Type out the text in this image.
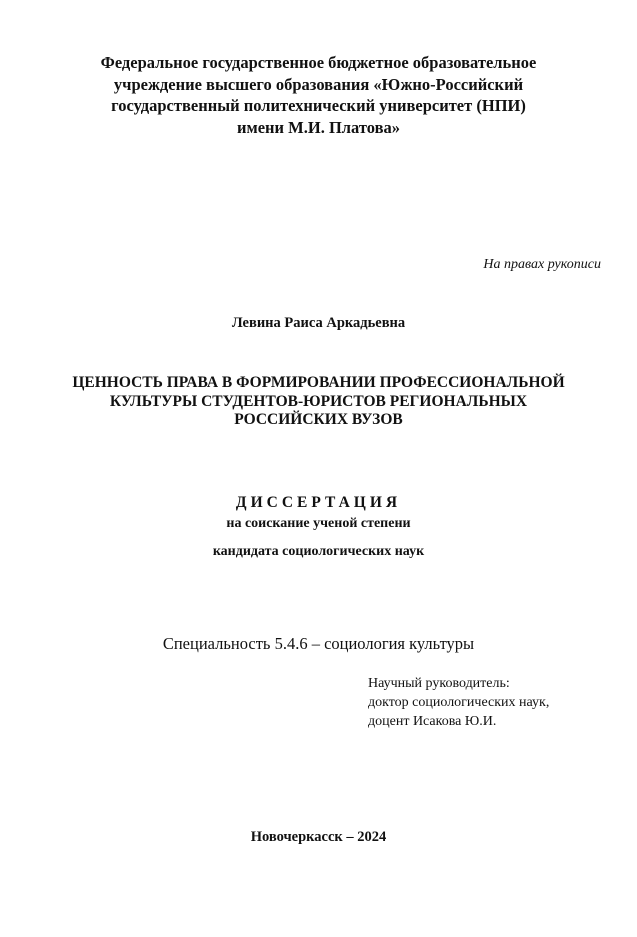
Федеральное государственное бюджетное образовательное
учреждение высшего образования «Южно-Российский
государственный политехнический университет (НПИ)
имени М.И. Платова»
На правах рукописи
Левина Раиса Аркадьевна
ЦЕННОСТЬ ПРАВА В ФОРМИРОВАНИИ ПРОФЕССИОНАЛЬНОЙ
КУЛЬТУРЫ СТУДЕНТОВ-ЮРИСТОВ РЕГИОНАЛЬНЫХ
РОССИЙСКИХ ВУЗОВ
ДИССЕРТАЦИЯ
на соискание ученой степени
кандидата социологических наук
Специальность 5.4.6 – социология культуры
Научный руководитель:
доктор социологических наук,
доцент Исакова Ю.И.
Новочеркасск – 2024
